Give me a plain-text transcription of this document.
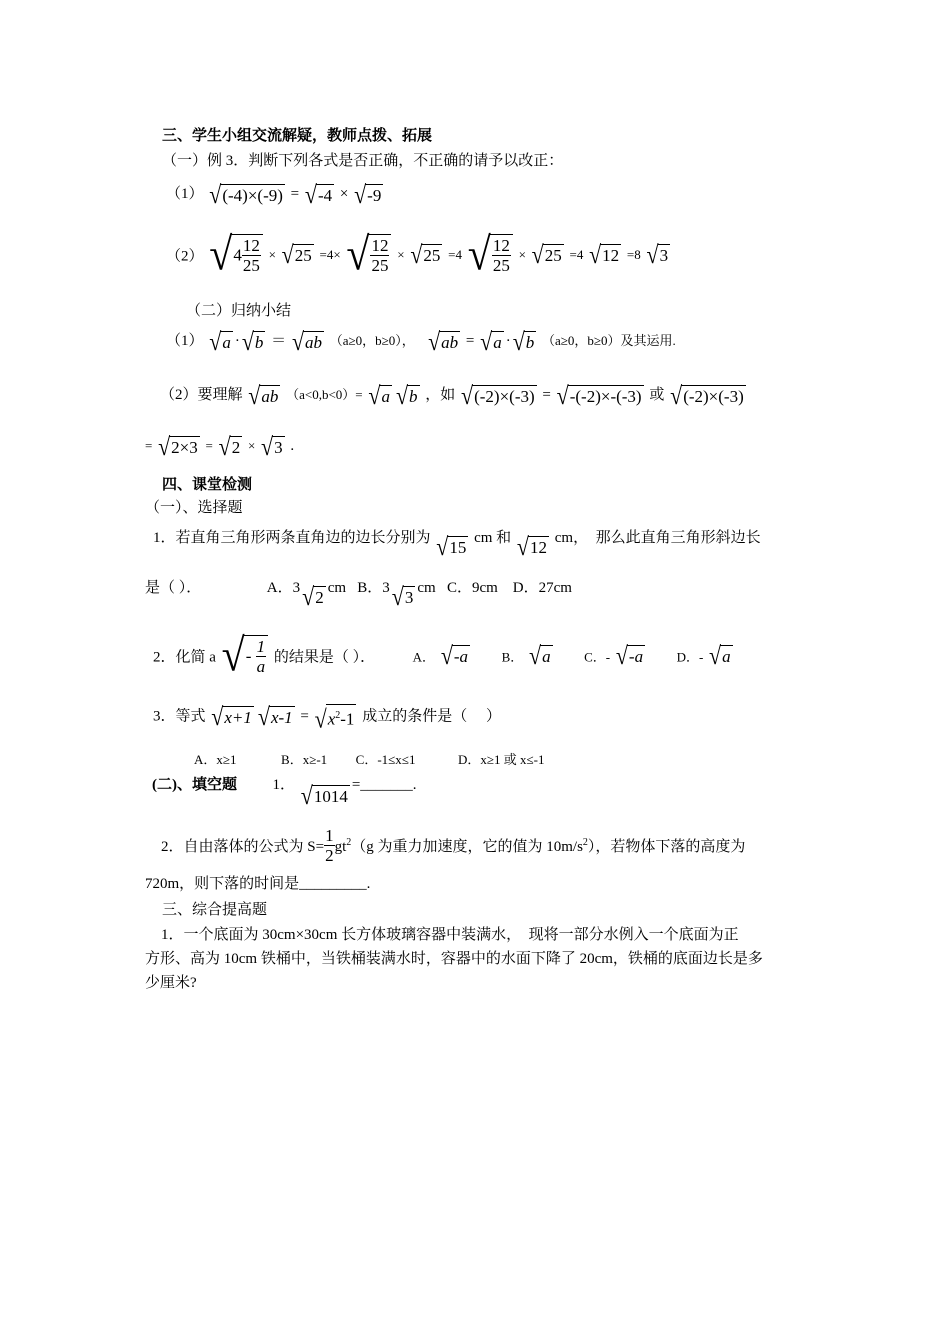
三、学生小组交流解疑，教师点拨、拓展
（一）例 3．判断下列各式是否正确，不正确的请予以改正：
（1） √ (-4)×(-9) = √ -4 × √ -9
（2） √ $4 \frac{12}{25}$ × √ 25 =4× √ $\frac{12}{25}$ × √ 25 =4 √ $\frac{12}{25}$ × √ 25 =4 √ 12 =8 √ 3
（二）归纳小结
（1） √ a · √ b ＝ √ ab （a≥0，b≥0）， √ ab = √ a · √ b （a≥0，b≥0）及其运用.
（2）要理解 √ ab （a<0,b<0）= √ a √ b ，如 √ (-2)×(-3) = √ -(-2)×-(-3) 或 √ (-2)×(-3)
= √ 2×3 = √ 2 × √ 3 .
四、课堂检测
（一）、选择题
1．若直角三角形两条直角边的边长分别为 √ 15 cm 和 √ 12 cm，　那么此直角三角形斜边长
是（ ）．	A．3 √ 2 cm B．3 √ 3 cm C．9cm D．27cm
2．化简 a √ - $\frac{1}{a}$ 的结果是（ ）．	A． √ -a	B． √ a	C．- √ -a	D．- √ a
3．等式 √ x+1 √ x-1 = √ $x^2-1$ 成立的条件是（　 ）
A．x≥1	B．x≥-1 C．-1≤x≤1	D．x≥1 或 x≤-1
(二)、填空题 1． √ 1014
=_______.
2．自由落体的公式为 $S= \frac{1}{2} gt^2(g$ 为重力加速度，它的值为 $10m/s^2$），若物体下落的高度为
720m，则下落的时间是_________.
三、综合提高题
1．一个底面为 30cm×30cm 长方体玻璃容器中装满水，　现将一部分水例入一个底面为正
方形、高为 10cm 铁桶中，当铁桶装满水时，容器中的水面下降了 20cm，铁桶的底面边长是多
少厘米?
